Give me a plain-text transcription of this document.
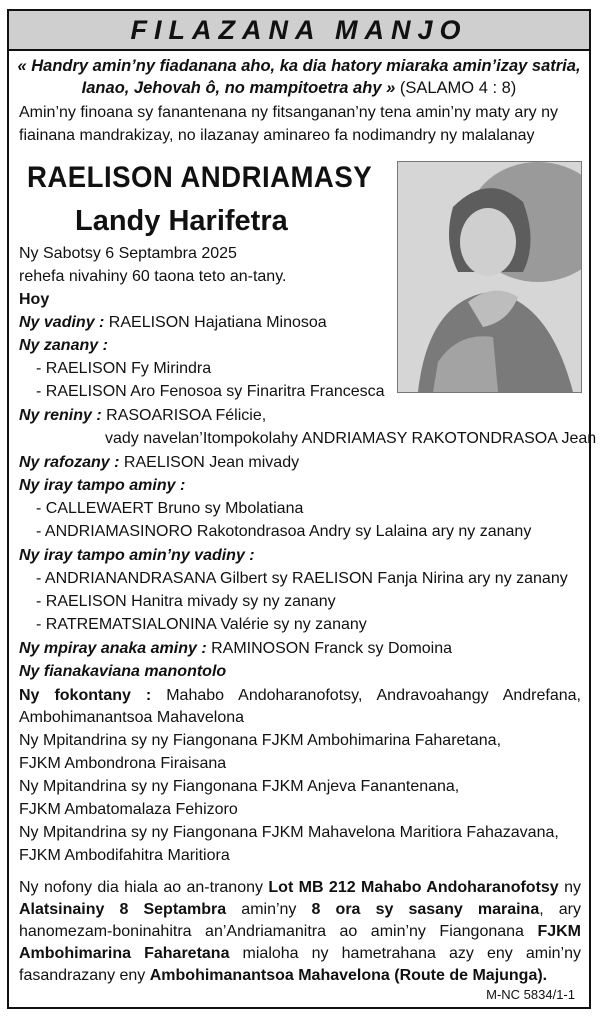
FILAZANA MANJO
« Handry amin’ny fiadanana aho, ka dia hatory miaraka amin’izay satria,
Ianao, Jehovah ô, no mampitoetra ahy » (SALAMO 4 : 8)
Amin’ny finoana sy fanantenana ny fitsanganan’ny tena amin’ny maty ary ny
fiainana mandrakizay, no ilazanay aminareo fa nodimandry ny malalanay
RAELISON ANDRIAMASY
Landy Harifetra
Ny Sabotsy 6 Septambra 2025
rehefa nivahiny 60 taona teto an-tany.
Hoy
Ny vadiny : RAELISON Hajatiana Minosoa
Ny zanany :
- RAELISON Fy Mirindra
- RAELISON Aro Fenosoa sy Finaritra Francesca
Ny reniny : RASOARISOA Félicie,
vady navelan’Itompokolahy ANDRIAMASY RAKOTONDRASOA Jean
Ny rafozany : RAELISON Jean mivady
Ny iray tampo aminy :
- CALLEWAERT Bruno sy Mbolatiana
- ANDRIAMASINORO Rakotondrasoa Andry sy Lalaina ary ny zanany
Ny iray tampo amin’ny vadiny :
- ANDRIANANDRASANA Gilbert sy RAELISON Fanja Nirina ary ny zanany
- RAELISON Hanitra mivady sy ny zanany
- RATREMATSIALONINA Valérie sy ny zanany
Ny mpiray anaka aminy : RAMINOSON Franck sy Domoina
Ny fianakaviana manontolo
Ny fokontany : Mahabo Andoharanofotsy, Andravoahangy Andrefana, Ambohimanantsoa Mahavelona
Ny Mpitandrina sy ny Fiangonana FJKM Ambohimarina Faharetana,
FJKM Ambondrona Firaisana
Ny Mpitandrina sy ny Fiangonana FJKM Anjeva Fanantenana,
FJKM Ambatomalaza Fehizoro
Ny Mpitandrina sy ny Fiangonana FJKM Mahavelona Maritiora Fahazavana,
FJKM Ambodifahitra Maritiora
Ny nofony dia hiala ao an-tranony Lot MB 212 Mahabo Andoharanofotsy ny Alatsinainy 8 Septambra amin’ny 8 ora sy sasany maraina, ary hanomezam-boninahitra an’Andriamanitra ao amin’ny Fiangonana FJKM Ambohimarina Faharetana mialoha ny hametrahana azy eny amin’ny fasandrazany eny Ambohimanantsoa Mahavelona (Route de Majunga).
M-NC 5834/1-1
